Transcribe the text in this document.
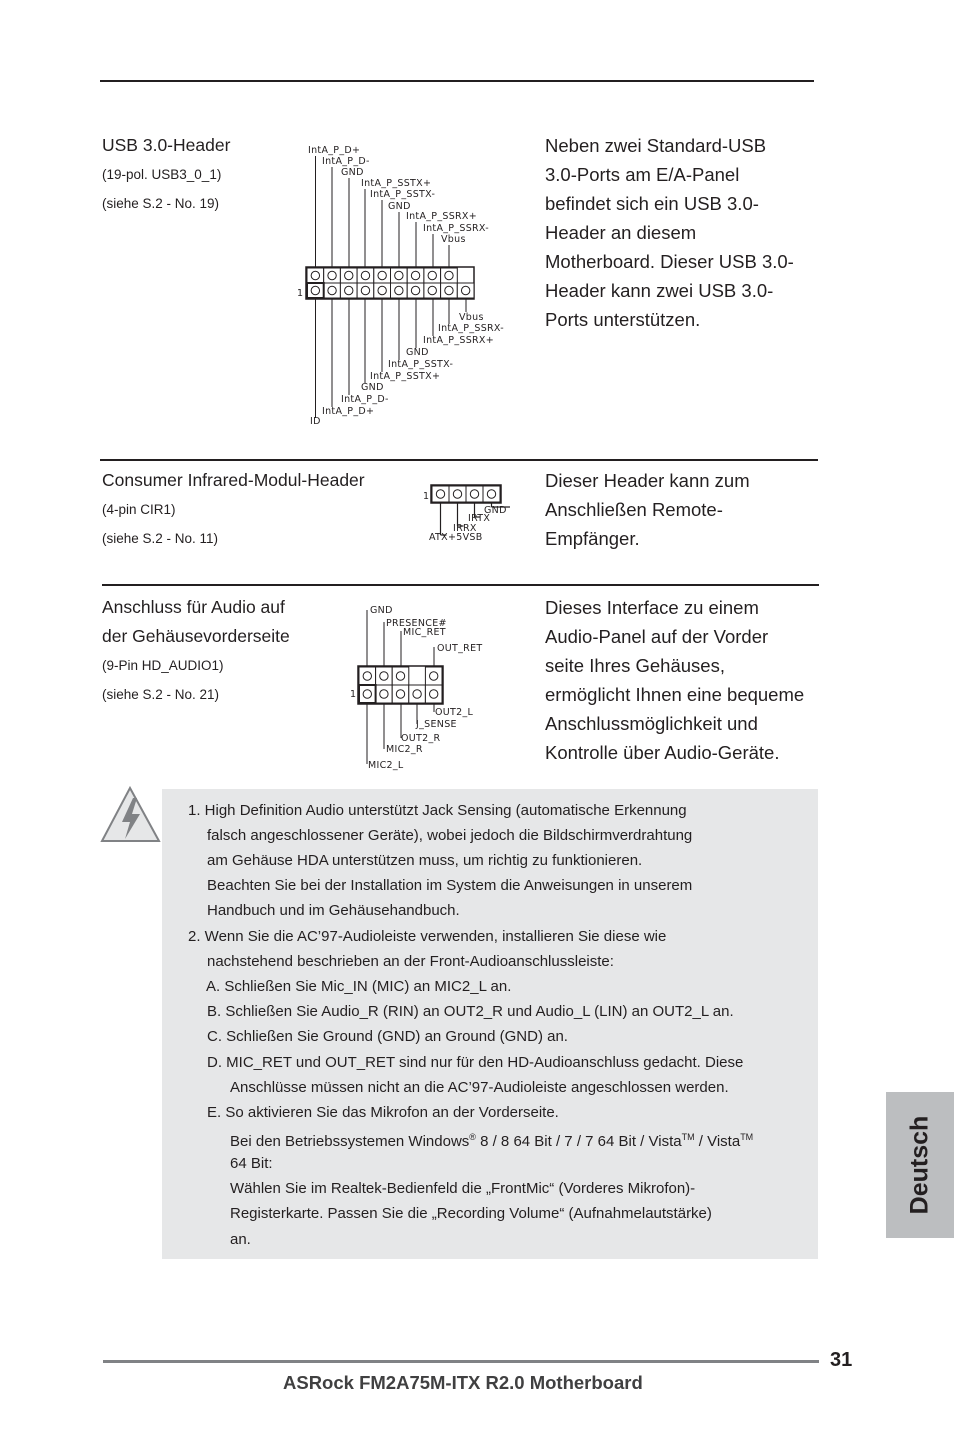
USB 3.0-Header
(19-pol. USB3_0_1)
(siehe S.2 - No. 19)
Neben zwei Standard-USB
3.0-Ports am E/A-Panel
befindet sich ein USB 3.0-
Header an diesem
Motherboard. Dieser USB 3.0-
Header kann zwei USB 3.0-
Ports unterstützen.
1
IntA_P_D+
IntA_P_D-
GND
IntA_P_SSTX+
IntA_P_SSTX-
GND
IntA_P_SSRX+
IntA_P_SSRX-
Vbus
Vbus
IntA_P_SSRX-
IntA_P_SSRX+
GND
IntA_P_SSTX-
IntA_P_SSTX+
GND
IntA_P_D-
IntA_P_D+
ID
Consumer Infrared-Modul-Header
(4-pin CIR1)
(siehe S.2 - No. 11)
Dieser Header kann zum
Anschließen Remote-
Empfänger.
1
GND
IRTX
IRRX
ATX+5VSB
Anschluss für Audio auf
der Gehäusevorderseite
(9-Pin HD_AUDIO1)
(siehe S.2 - No. 21)
Dieses Interface zu einem
Audio-Panel auf der Vorder
seite Ihres Gehäuses,
ermöglicht Ihnen eine bequeme
Anschlussmöglichkeit und
Kontrolle über Audio-Geräte.
1
GND
PRESENCE#
MIC_RET
OUT_RET
OUT2_L
J_SENSE
OUT2_R
MIC2_R
MIC2_L
1. High Definition Audio unterstützt Jack Sensing (automatische Erkennung
falsch angeschlossener Geräte), wobei jedoch die Bildschirmverdrahtung
am Gehäuse HDA unterstützen muss, um richtig zu funktionieren.
Beachten Sie bei der Installation im System die Anweisungen in unserem
Handbuch und im Gehäusehandbuch.
2. Wenn Sie die AC’97-Audioleiste verwenden, installieren Sie diese wie
nachstehend beschrieben an der Front-Audioanschlussleiste:
A. Schließen Sie Mic_IN (MIC) an MIC2_L an.
B. Schließen Sie Audio_R (RIN) an OUT2_R und Audio_L (LIN) an OUT2_L an.
C. Schließen Sie Ground (GND) an Ground (GND) an.
D. MIC_RET und OUT_RET sind nur für den HD-Audioanschluss gedacht. Diese
Anschlüsse müssen nicht an die AC’97-Audioleiste angeschlossen werden.
E. So aktivieren Sie das Mikrofon an der Vorderseite.
Bei den Betriebssystemen Windows® 8 / 8 64 Bit / 7 / 7 64 Bit / Vista™ / Vista™
64 Bit:
Wählen Sie im Realtek-Bedienfeld die „FrontMic“ (Vorderes Mikrofon)-
Registerkarte. Passen Sie die „Recording Volume“ (Aufnahmelautstärke)
an.
Deutsch
31
ASRock FM2A75M-ITX R2.0 Motherboard
